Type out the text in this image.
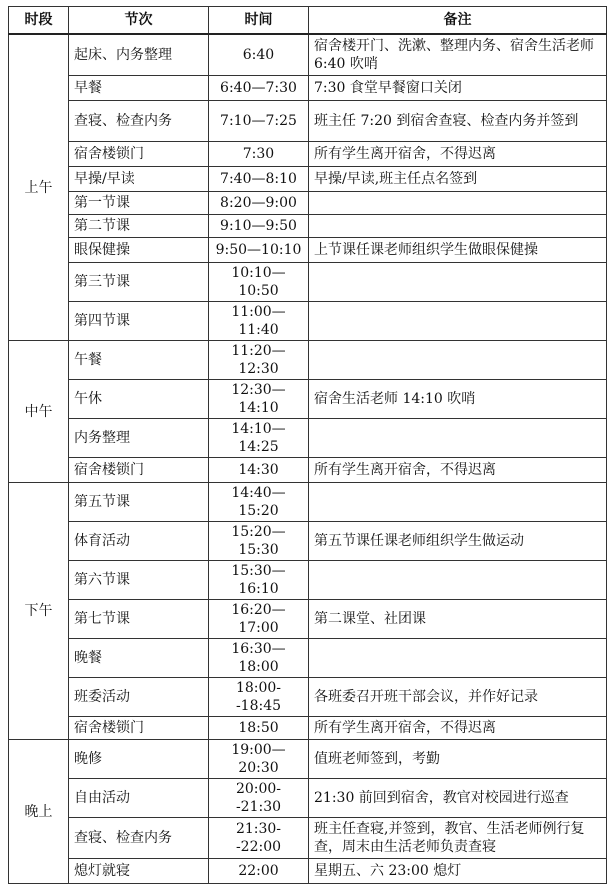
时段	节次	时间	备注
上午	起床、内务整理	6:40	宿舍楼开门、洗漱、整理内务、宿舍生活老师 6:40 吹哨
	早餐	6:40—7:30	7:30 食堂早餐窗口关闭
	查寝、检查内务	7:10—7:25	班主任 7:20 到宿舍查寝、检查内务并签到
	宿舍楼锁门	7:30	所有学生离开宿舍，不得迟离
	早操/早读	7:40—8:10	早操/早读,班主任点名签到
	第一节课	8:20—9:00	
	第二节课	9:10—9:50	
	眼保健操	9:50—10:10	上节课任课老师组织学生做眼保健操
	第三节课	10:10—10:50	
	第四节课	11:00—11:40	
中午	午餐	11:20—12:30	
	午休	12:30—14:10	宿舍生活老师 14:10 吹哨
	内务整理	14:10—14:25	
	宿舍楼锁门	14:30	所有学生离开宿舍，不得迟离
下午	第五节课	14:40—15:20	
	体育活动	15:20—15:30	第五节课任课老师组织学生做运动
	第六节课	15:30—16:10	
	第七节课	16:20—17:00	第二课堂、社团课
	晚餐	16:30—18:00	
	班委活动	18:00--18:45	各班委召开班干部会议，并作好记录
	宿舍楼锁门	18:50	所有学生离开宿舍，不得迟离
晚上	晚修	19:00—20:30	值班老师签到，考勤
	自由活动	20:00--21:30	21:30 前回到宿舍，教官对校园进行巡查
	查寝、检查内务	21:30--22:00	班主任查寝,并签到，教官、生活老师例行复查，周末由生活老师负责查寝
	熄灯就寝	22:00	星期五、六 23:00 熄灯
